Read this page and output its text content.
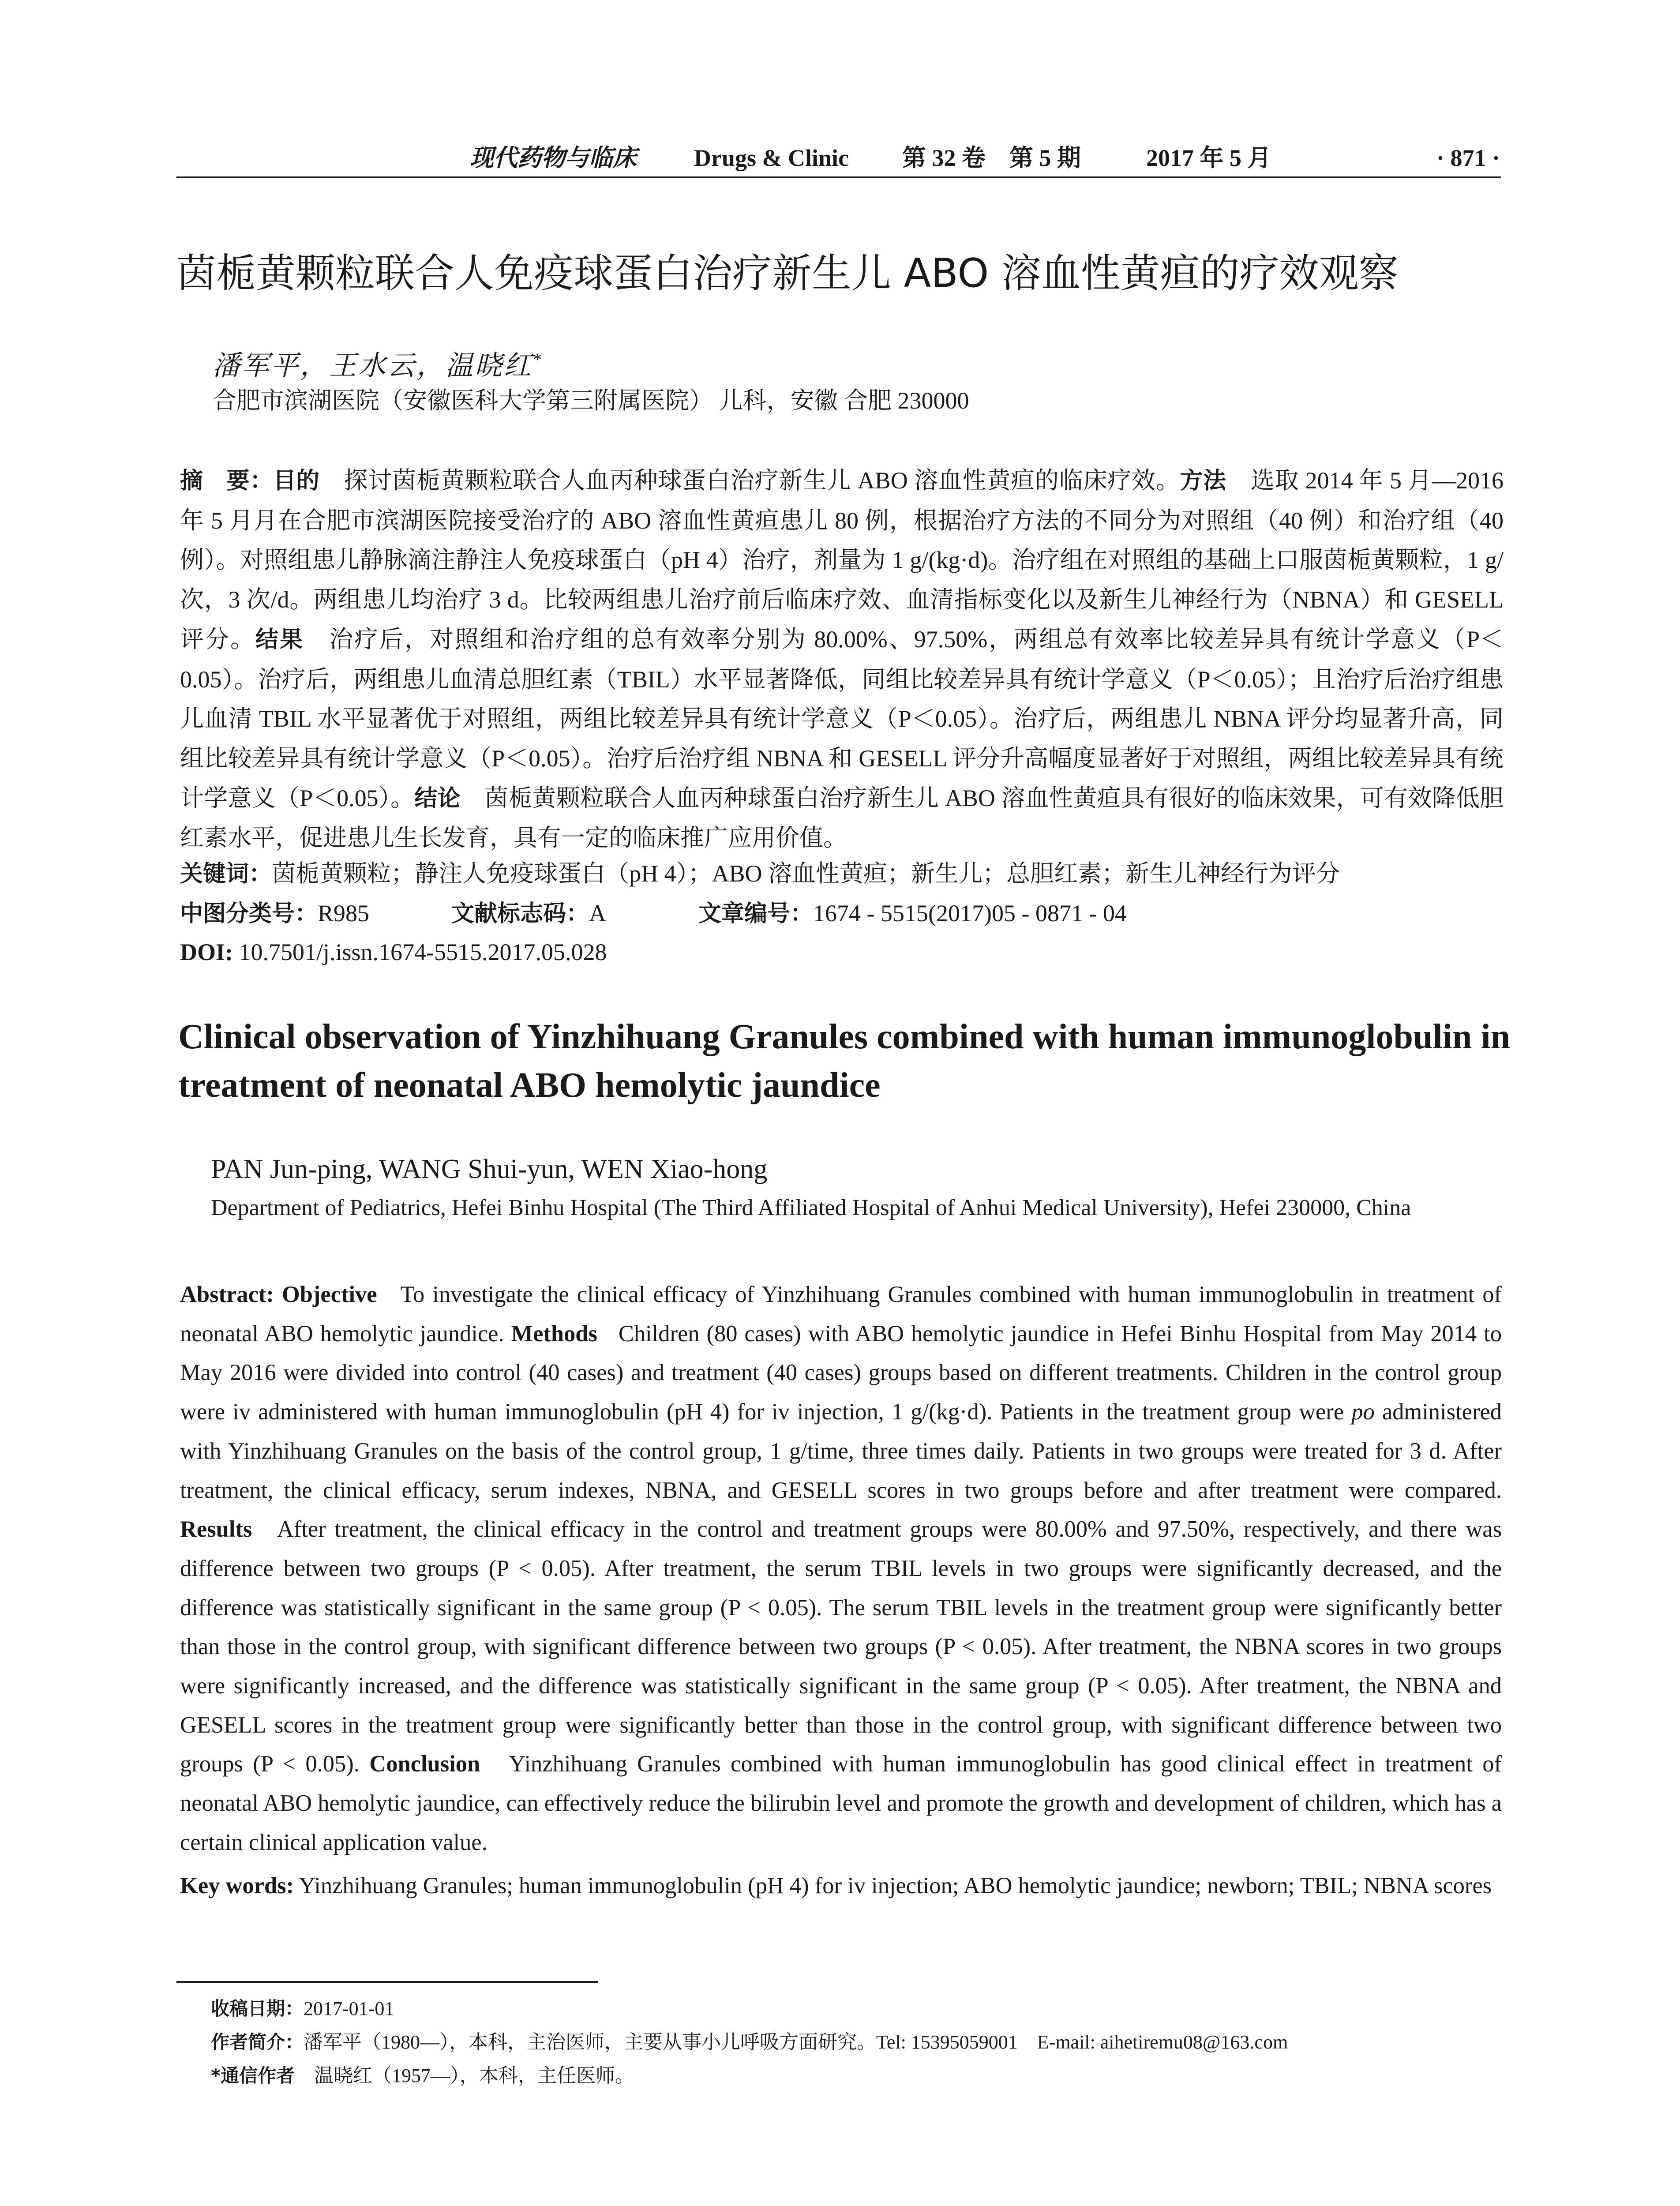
现代药物与临床 Drugs & Clinic 第 32 卷 第 5 期	2017 年 5 月	· 871 ·
茵栀黄颗粒联合人免疫球蛋白治疗新生儿 ABO 溶血性黄疸的疗效观察
潘军平，王水云，温晓红*
合肥市滨湖医院（安徽医科大学第三附属医院） 儿科，安徽 合肥 230000
摘　要：目的　 探讨茵栀黄颗粒联合人血丙种球蛋白治疗新生儿 ABO 溶血性黄疸的临床疗效。方法　 选取 2014 年 5 月—2016 年 5 月月在合肥市滨湖医院接受治疗的 ABO 溶血性黄疸患儿 80 例，根据治疗方法的不同分为对照组（40 例）和治疗组（40 例）。对照组患儿静脉滴注静注人免疫球蛋白（pH 4）治疗，剂量为 1 g/(kg·d)。治疗组在对照组的基础上口服茵栀黄颗粒，1 g/次，3 次/d。两组患儿均治疗 3 d。比较两组患儿治疗前后临床疗效、血清指标变化以及新生儿神经行为（NBNA）和 GESELL 评分。结果　 治疗后，对照组和治疗组的总有效率分别为 80.00%、97.50%，两组总有效率比较差异具有统计学意义（P＜0.05）。治疗后，两组患儿血清总胆红素（TBIL）水平显著降低，同组比较差异具有统计学意义（P＜0.05）；且治疗后治疗组患儿血清 TBIL 水平显著优于对照组，两组比较差异具有统计学意义（P＜0.05）。治疗后，两组患儿 NBNA 评分均显著升高，同组比较差异具有统计学意义（P＜0.05）。治疗后治疗组 NBNA 和 GESELL 评分升高幅度显著好于对照组，两组比较差异具有统计学意义（P＜0.05）。结论　 茵栀黄颗粒联合人血丙种球蛋白治疗新生儿 ABO 溶血性黄疸具有很好的临床效果，可有效降低胆红素水平，促进患儿生长发育，具有一定的临床推广应用价值。
关键词：茵栀黄颗粒；静注人免疫球蛋白（pH 4）；ABO 溶血性黄疸；新生儿；总胆红素；新生儿神经行为评分
中图分类号：R985	文献标志码：A	文章编号：1674 - 5515(2017)05 - 0871 - 04
DOI: 10.7501/j.issn.1674-5515.2017.05.028
Clinical observation of Yinzhihuang Granules combined with human immunoglobulin in treatment of neonatal ABO hemolytic jaundice
PAN Jun-ping, WANG Shui-yun, WEN Xiao-hong
Department of Pediatrics, Hefei Binhu Hospital (The Third Affiliated Hospital of Anhui Medical University), Hefei 230000, China
Abstract: Objective To investigate the clinical efficacy of Yinzhihuang Granules combined with human immunoglobulin in treatment of neonatal ABO hemolytic jaundice. Methods Children (80 cases) with ABO hemolytic jaundice in Hefei Binhu Hospital from May 2014 to May 2016 were divided into control (40 cases) and treatment (40 cases) groups based on different treatments. Children in the control group were iv administered with human immunoglobulin (pH 4) for iv injection, 1 g/(kg·d). Patients in the treatment group were po administered with Yinzhihuang Granules on the basis of the control group, 1 g/time, three times daily. Patients in two groups were treated for 3 d. After treatment, the clinical efficacy, serum indexes, NBNA, and GESELL scores in two groups before and after treatment were compared. Results After treatment, the clinical efficacy in the control and treatment groups were 80.00% and 97.50%, respectively, and there was difference between two groups (P < 0.05). After treatment, the serum TBIL levels in two groups were significantly decreased, and the difference was statistically significant in the same group (P < 0.05). The serum TBIL levels in the treatment group were significantly better than those in the control group, with significant difference between two groups (P < 0.05). After treatment, the NBNA scores in two groups were significantly increased, and the difference was statistically significant in the same group (P < 0.05). After treatment, the NBNA and GESELL scores in the treatment group were significantly better than those in the control group, with significant difference between two groups (P < 0.05). Conclusion Yinzhihuang Granules combined with human immunoglobulin has good clinical effect in treatment of neonatal ABO hemolytic jaundice, can effectively reduce the bilirubin level and promote the growth and development of children, which has a certain clinical application value.
Key words: Yinzhihuang Granules; human immunoglobulin (pH 4) for iv injection; ABO hemolytic jaundice; newborn; TBIL; NBNA scores
收稿日期：2017-01-01
作者简介：潘军平（1980—），本科，主治医师，主要从事小儿呼吸方面研究。Tel: 15395059001　E-mail: aihetiremu08@163.com
*通信作者　 温晓红（1957—），本科，主任医师。
